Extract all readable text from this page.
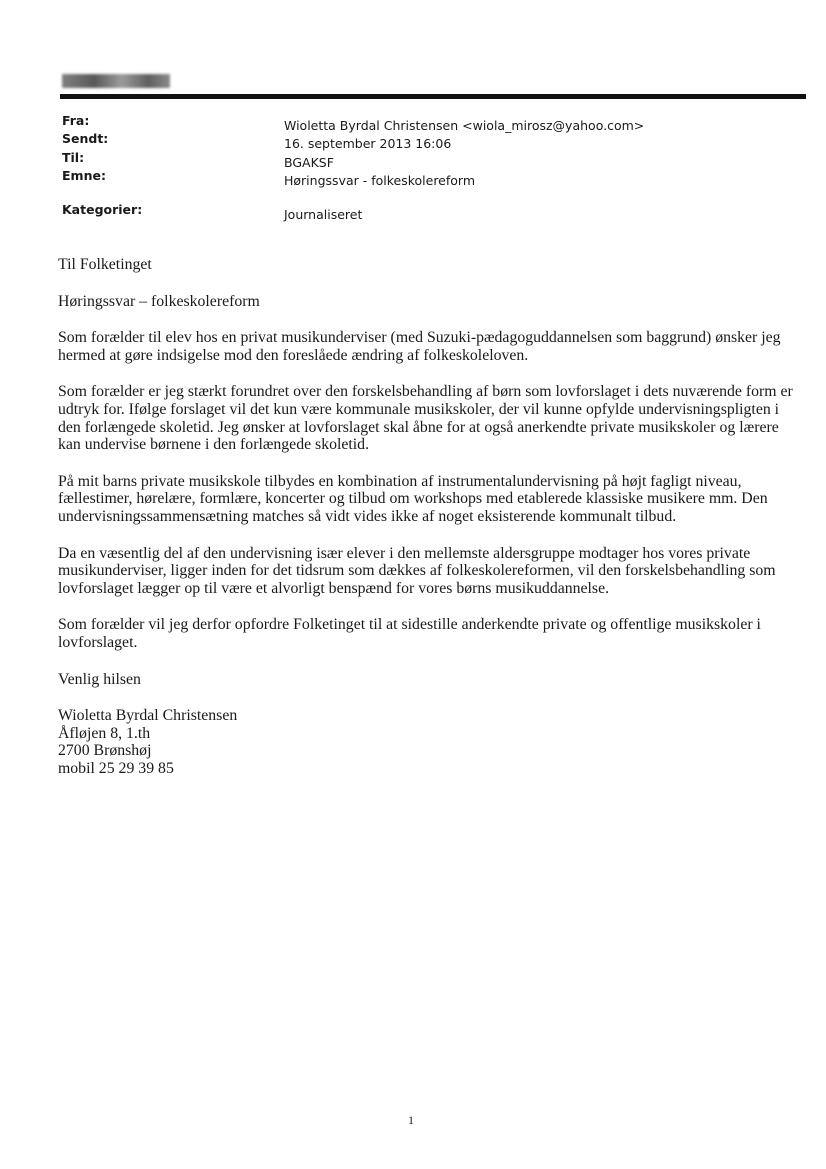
Fra:	Wioletta Byrdal Christensen <wiola_mirosz@yahoo.com>
Sendt:	16. september 2013 16:06
Til:	BGAKSF
Emne:	Høringssvar - folkeskolereform
Kategorier:	Journaliseret

Til Folketinget

Høringssvar – folkeskolereform

Som forælder til elev hos en privat musikunderviser (med Suzuki-pædagoguddannelsen som baggrund) ønsker jeg hermed at gøre indsigelse mod den foreslåede ændring af folkeskoleloven.

Som forælder er jeg stærkt forundret over den forskelsbehandling af børn som lovforslaget i dets nuværende form er udtryk for. Ifølge forslaget vil det kun være kommunale musikskoler, der vil kunne opfylde undervisningspligten i den forlængede skoletid. Jeg ønsker at lovforslaget skal åbne for at også anerkendte private musikskoler og lærere kan undervise børnene i den forlængede skoletid.

På mit barns private musikskole tilbydes en kombination af instrumentalundervisning på højt fagligt niveau, fællestimer, hørelære, formlære, koncerter og tilbud om workshops med etablerede klassiske musikere mm. Den undervisningssammensætning matches så vidt vides ikke af noget eksisterende kommunalt tilbud.

Da en væsentlig del af den undervisning især elever i den mellemste aldersgruppe modtager hos vores private musikunderviser, ligger inden for det tidsrum som dækkes af folkeskolereformen, vil den forskelsbehandling som lovforslaget lægger op til være et alvorligt benspænd for vores børns musikuddannelse.

Som forælder vil jeg derfor opfordre Folketinget til at sidestille anderkendte private og offentlige musikskoler i lovforslaget.

Venlig hilsen

Wioletta Byrdal Christensen
Åfløjen 8, 1.th
2700 Brønshøj
mobil 25 29 39 85
1
